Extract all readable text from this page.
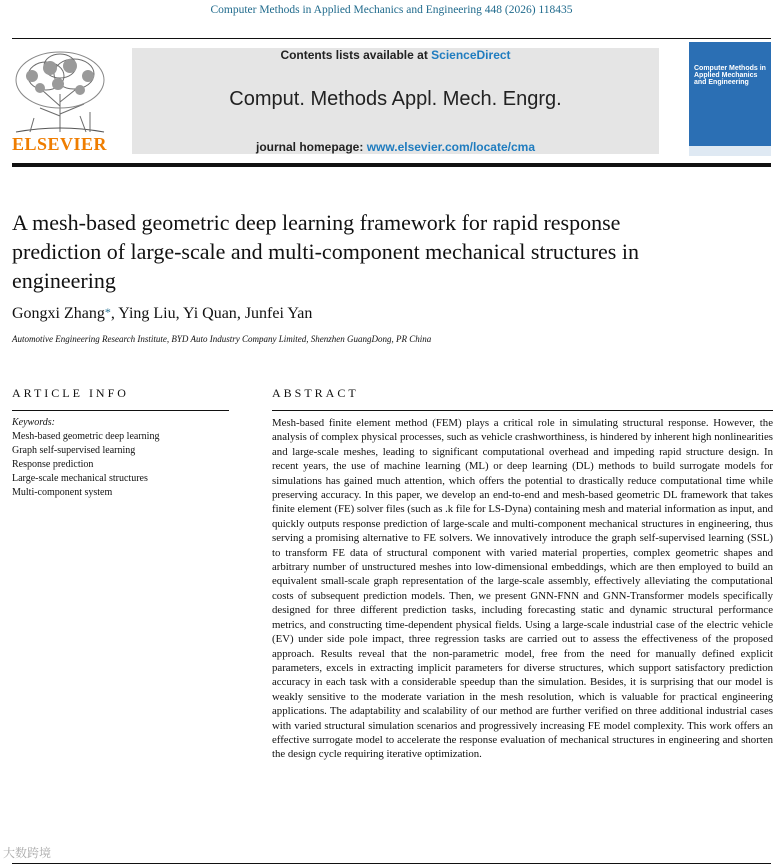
Computer Methods in Applied Mechanics and Engineering 448 (2026) 118435
ELSEVIER
Contents lists available at ScienceDirect
Comput. Methods Appl. Mech. Engrg.
journal homepage: www.elsevier.com/locate/cma
Computer Methods in Applied Mechanics and Engineering
A mesh-based geometric deep learning framework for rapid response prediction of large-scale and multi-component mechanical structures in engineering
Gongxi Zhang*, Ying Liu, Yi Quan, Junfei Yan
Automotive Engineering Research Institute, BYD Auto Industry Company Limited, Shenzhen GuangDong, PR China
ARTICLE INFO	ABSTRACT
Keywords:
Mesh-based geometric deep learning
Graph self-supervised learning
Response prediction
Large-scale mechanical structures
Multi-component system
Mesh-based finite element method (FEM) plays a critical role in simulating structural response. However, the analysis of complex physical processes, such as vehicle crashworthiness, is hindered by inherent high nonlinearities and large-scale meshes, leading to significant computational overhead and impeding rapid structure design. In recent years, the use of machine learning (ML) or deep learning (DL) methods to build surrogate models for simulations has gained much attention, which offers the potential to drastically reduce computational time while preserving accuracy. In this paper, we develop an end-to-end and mesh-based geometric DL framework that takes finite element (FE) solver files (such as .k file for LS-Dyna) containing mesh and material information as input, and quickly outputs response prediction of large-scale and multi-component mechanical structures in engineering, thus serving a promising alternative to FE solvers. We innovatively introduce the graph self-supervised learning (SSL) to transform FE data of structural component with varied material properties, complex geometric shapes and arbitrary number of unstructured meshes into low-dimensional embeddings, which are then employed to build an equivalent small-scale graph representation of the large-scale assembly, effectively alleviating the computational costs of subsequent prediction models. Then, we present GNN-FNN and GNN-Transformer models specifically designed for three different prediction tasks, including forecasting static and dynamic structural performance metrics, and constructing time-dependent physical fields. Using a large-scale industrial case of the electric vehicle (EV) under side pole impact, three regression tasks are carried out to assess the effectiveness of the proposed approach. Results reveal that the non-parametric model, free from the need for manually defined explicit parameters, excels in extracting implicit parameters for diverse structures, which support satisfactory prediction accuracy in each task with a considerable speedup than the simulation. Besides, it is surprising that our model is weakly sensitive to the moderate variation in the mesh resolution, which is valuable for practical engineering applications. The adaptability and scalability of our method are further verified on three additional industrial cases with varied structural simulation scenarios and progressively increasing FE model complexity. This work offers an effective surrogate model to accelerate the response evaluation of mechanical structures in engineering and shorten the design cycle requiring iterative optimization.
大数跨境
